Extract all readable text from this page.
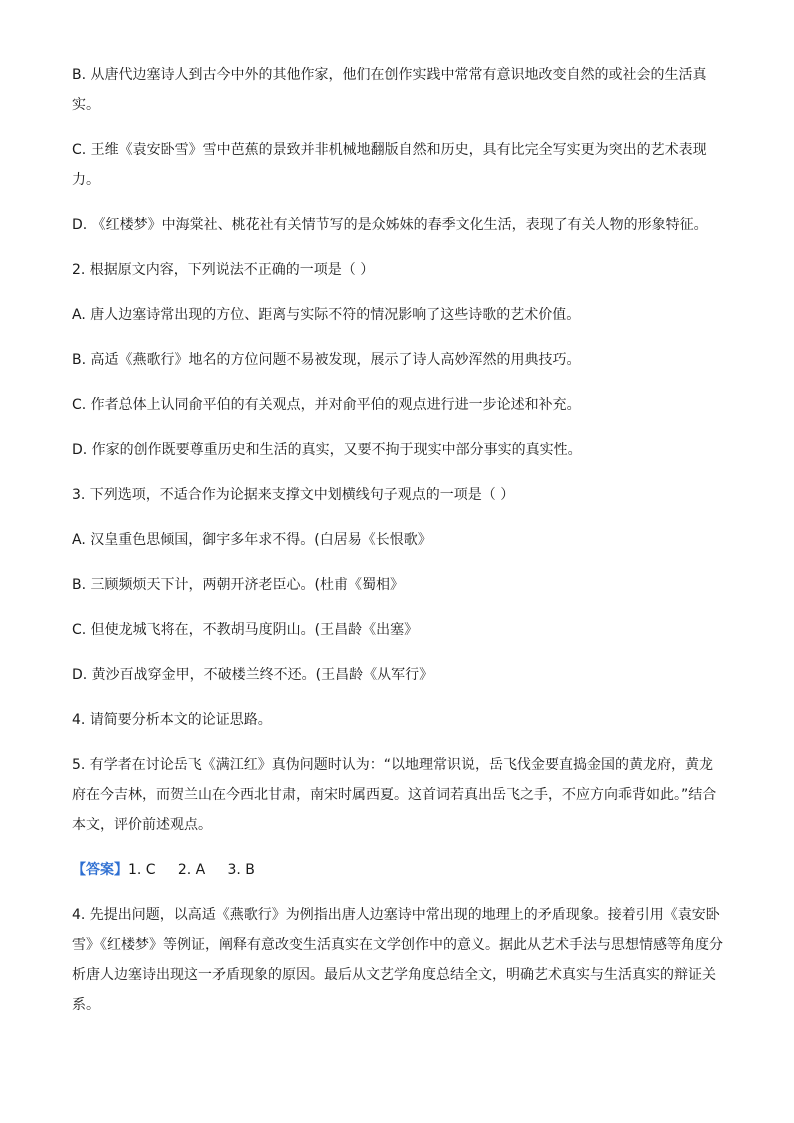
B. 从唐代边塞诗人到古今中外的其他作家，他们在创作实践中常常有意识地改变自然的或社会的生活真实。

C. 王维《袁安卧雪》雪中芭蕉的景致并非机械地翻版自然和历史，具有比完全写实更为突出的艺术表现力。

D. 《红楼梦》中海棠社、桃花社有关情节写的是众姊妹的春季文化生活，表现了有关人物的形象特征。

2. 根据原文内容，下列说法不正确的一项是（ ）

A. 唐人边塞诗常出现的方位、距离与实际不符的情况影响了这些诗歌的艺术价值。

B. 高适《燕歌行》地名的方位问题不易被发现，展示了诗人高妙浑然的用典技巧。

C. 作者总体上认同俞平伯的有关观点，并对俞平伯的观点进行进一步论述和补充。

D. 作家的创作既要尊重历史和生活的真实，又要不拘于现实中部分事实的真实性。

3. 下列选项，不适合作为论据来支撑文中划横线句子观点的一项是（ ）

A. 汉皇重色思倾国，御宇多年求不得。(白居易《长恨歌》

B. 三顾频烦天下计，两朝开济老臣心。(杜甫《蜀相》

C. 但使龙城飞将在，不教胡马度阴山。(王昌龄《出塞》

D. 黄沙百战穿金甲，不破楼兰终不还。(王昌龄《从军行》

4. 请简要分析本文的论证思路。

5. 有学者在讨论岳飞《满江红》真伪问题时认为：“以地理常识说，岳飞伐金要直捣金国的黄龙府，黄龙府在今吉林，而贺兰山在今西北甘肃，南宋时属西夏。这首词若真出岳飞之手，不应方向乖背如此。”结合本文，评价前述观点。

【答案】1. C     2. A     3. B

4. 先提出问题，以高适《燕歌行》为例指出唐人边塞诗中常出现的地理上的矛盾现象。接着引用《袁安卧雪》《红楼梦》等例证，阐释有意改变生活真实在文学创作中的意义。据此从艺术手法与思想情感等角度分析唐人边塞诗出现这一矛盾现象的原因。最后从文艺学角度总结全文，明确艺术真实与生活真实的辩证关系。
